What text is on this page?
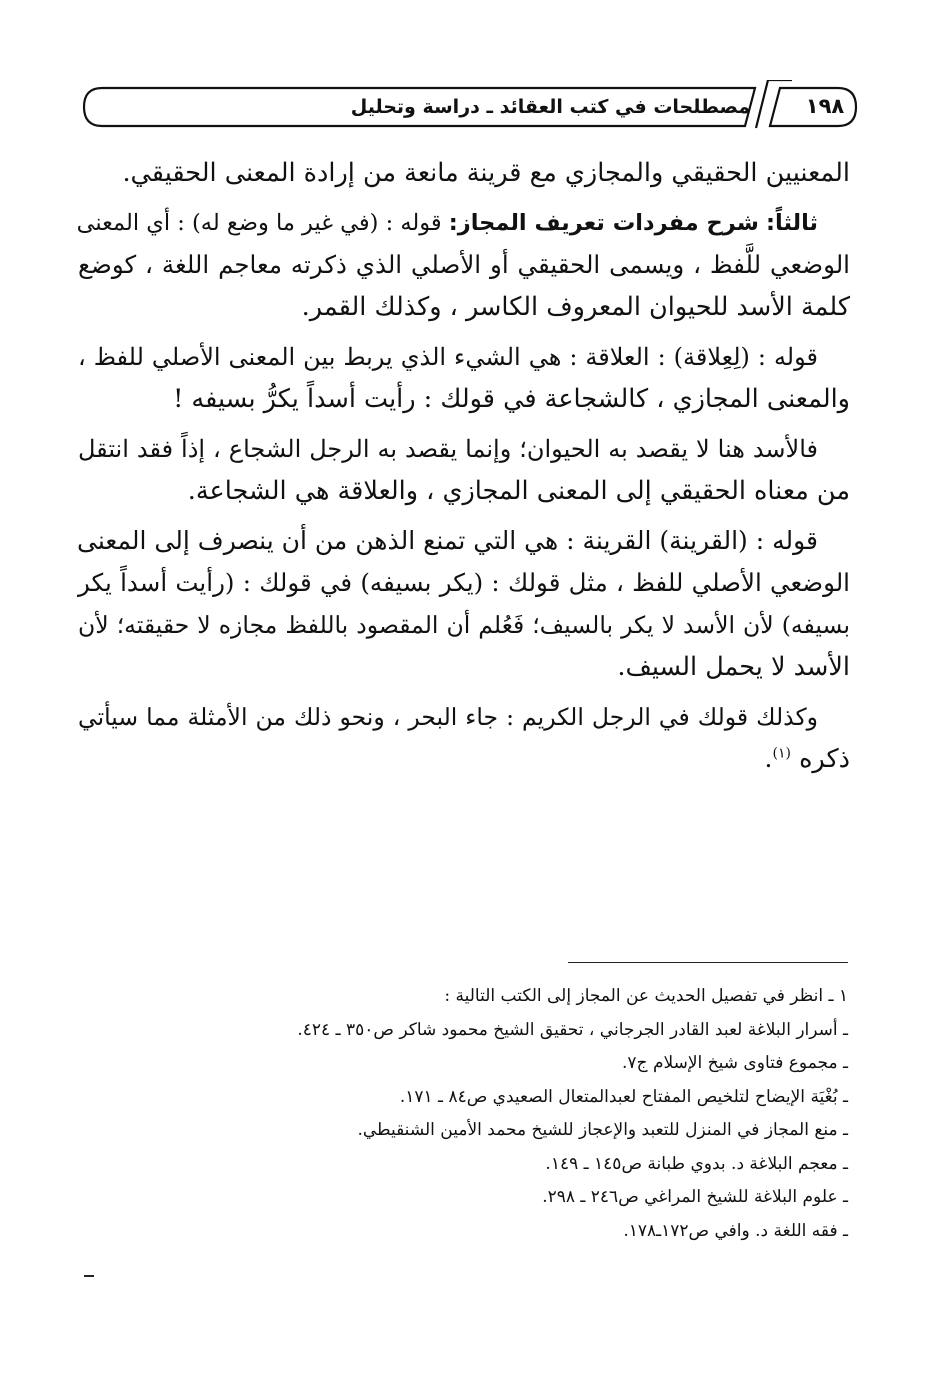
مصطلحات في كتب العقائد ـ دراسة وتحليل	١٩٨
المعنيين الحقيقي والمجازي مع قرينة مانعة من إرادة المعنى الحقيقي.
ثالثاً: شرح مفردات تعريف المجاز: قوله : (في غير ما وضع له) : أي المعنى
الوضعي للَّفظ ، ويسمى الحقيقي أو الأصلي الذي ذكرته معاجم اللغة ، كوضع
كلمة الأسد للحيوان المعروف الكاسر ، وكذلك القمر.
قوله : (لِعِلاقة) : العلاقة : هي الشيء الذي يربط بين المعنى الأصلي للفظ ،
والمعنى المجازي ، كالشجاعة في قولك : رأيت أسداً يكرُّ بسيفه !
فالأسد هنا لا يقصد به الحيوان؛ وإنما يقصد به الرجل الشجاع ، إذاً فقد انتقل
من معناه الحقيقي إلى المعنى المجازي ، والعلاقة هي الشجاعة.
قوله : (القرينة) القرينة : هي التي تمنع الذهن من أن ينصرف إلى المعنى
الوضعي الأصلي للفظ ، مثل قولك : (يكر بسيفه) في قولك : (رأيت أسداً يكر
بسيفه) لأن الأسد لا يكر بالسيف؛ فَعُلم أن المقصود باللفظ مجازه لا حقيقته؛ لأن
الأسد لا يحمل السيف.
وكذلك قولك في الرجل الكريم : جاء البحر ، ونحو ذلك من الأمثلة مما سيأتي
ذكره $^{(١)}$.
١ ـ انظر في تفصيل الحديث عن المجاز إلى الكتب التالية :
ـ أسرار البلاغة لعبد القادر الجرجاني ، تحقيق الشيخ محمود شاكر ص٣٥٠ ـ ٤٢٤.
ـ مجموع فتاوى شيخ الإسلام ج٧.
ـ بُغْيَة الإيضاح لتلخيص المفتاح لعبدالمتعال الصعيدي ص٨٤ ـ ١٧١.
ـ منع المجاز في المنزل للتعبد والإعجاز للشيخ محمد الأمين الشنقيطي.
ـ معجم البلاغة د. بدوي طبانة ص١٤٥ ـ ١٤٩.
ـ علوم البلاغة للشيخ المراغي ص٢٤٦ ـ ٢٩٨.
ـ فقه اللغة د. وافي ص١٧٢ـ١٧٨.
